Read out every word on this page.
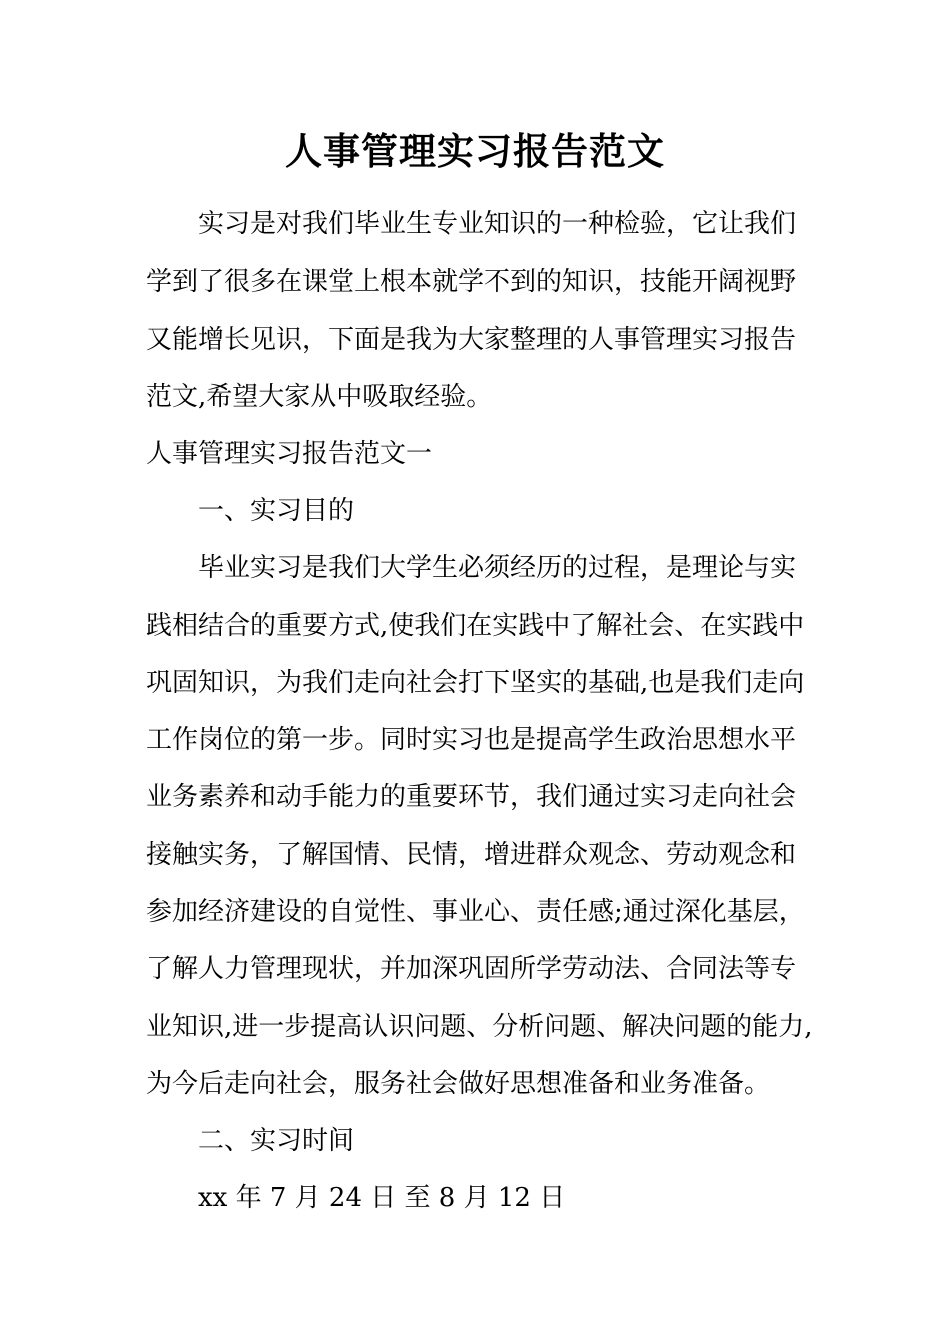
人事管理实习报告范文
实习是对我们毕业生专业知识的一种检验，它让我们
学到了很多在课堂上根本就学不到的知识，技能开阔视野
又能增长见识，下面是我为大家整理的人事管理实习报告
范文,希望大家从中吸取经验。
人事管理实习报告范文一
一、实习目的
毕业实习是我们大学生必须经历的过程，是理论与实
践相结合的重要方式,使我们在实践中了解社会、在实践中
巩固知识，为我们走向社会打下坚实的基础,也是我们走向
工作岗位的第一步。同时实习也是提高学生政治思想水平
业务素养和动手能力的重要环节，我们通过实习走向社会
接触实务，了解国情、民情，增进群众观念、劳动观念和
参加经济建设的自觉性、事业心、责任感;通过深化基层，
了解人力管理现状，并加深巩固所学劳动法、合同法等专
业知识,进一步提高认识问题、分析问题、解决问题的能力,
为今后走向社会，服务社会做好思想准备和业务准备。
二、实习时间
xx 年 7 月 24 日 至 8 月 12 日
